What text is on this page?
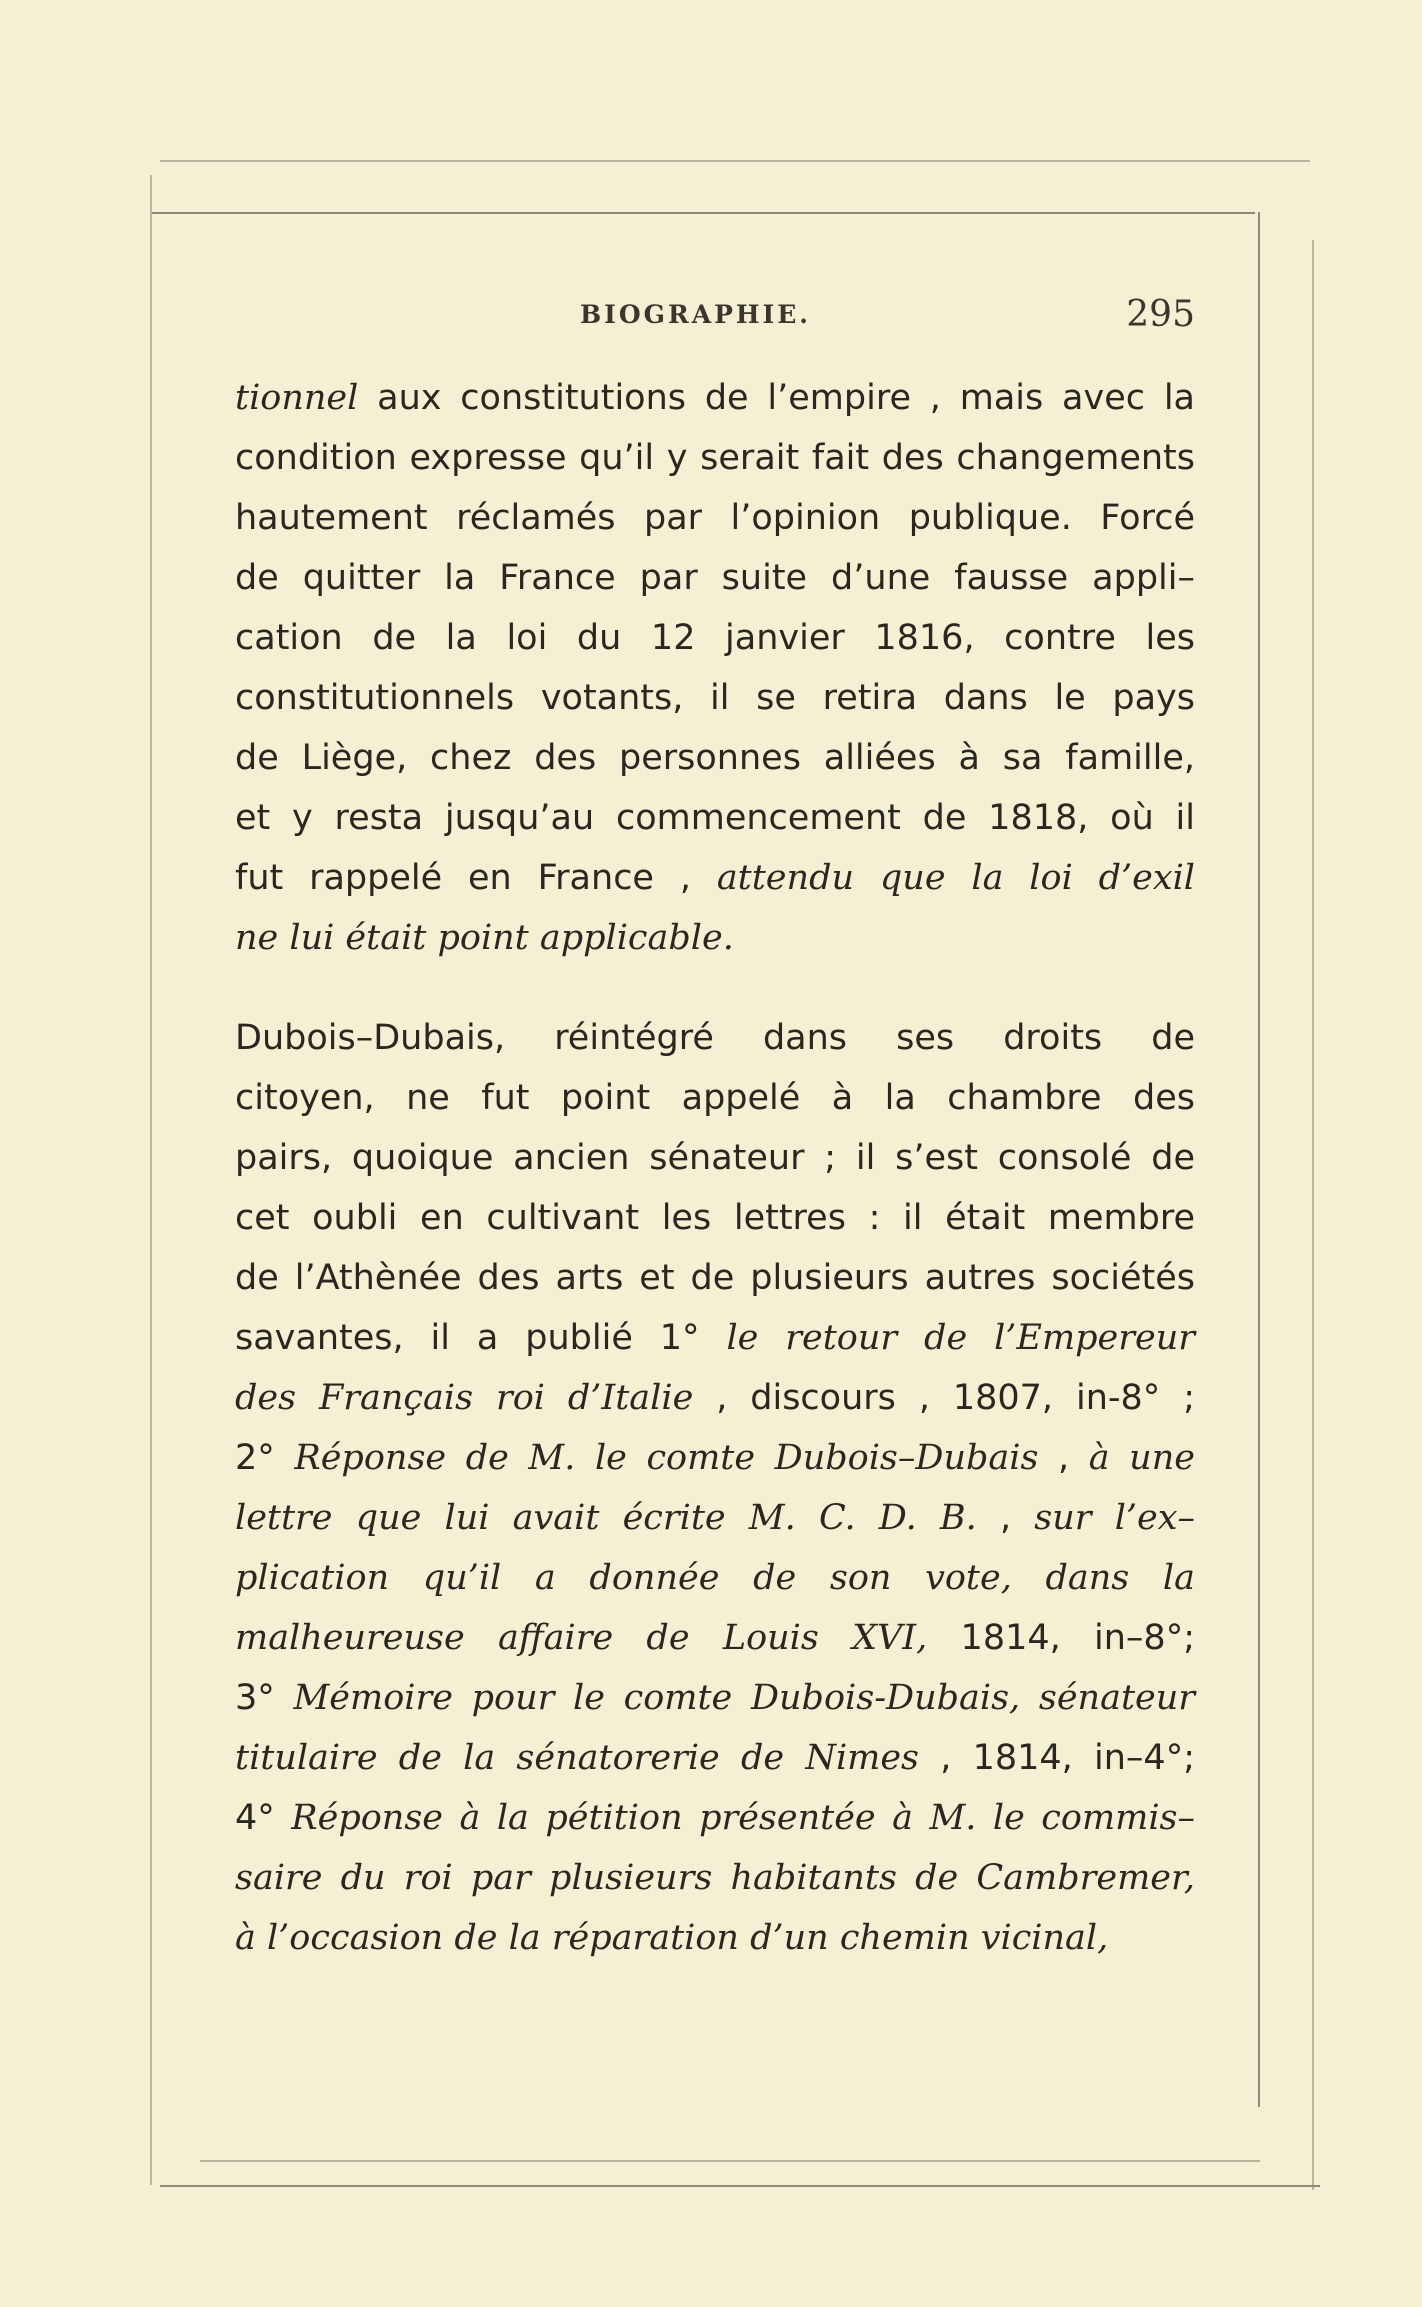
BIOGRAPHIE.	295
tionnel aux constitutions de l’empire , mais avec la
condition expresse qu’il y serait fait des changements
hautement réclamés par l’opinion publique. Forcé
de quitter la France par suite d’une fausse appli–
cation de la loi du 12 janvier 1816, contre les
constitutionnels votants, il se retira dans le pays
de Liège, chez des personnes alliées à sa famille,
et y resta jusqu’au commencement de 1818, où il
fut rappelé en France , attendu que la loi d’exil
ne lui était point applicable.
Dubois–Dubais, réintégré dans ses droits de
citoyen, ne fut point appelé à la chambre des
pairs, quoique ancien sénateur ; il s’est consolé de
cet oubli en cultivant les lettres : il était membre
de l’Athènée des arts et de plusieurs autres sociétés
savantes, il a publié 1° le retour de l’Empereur
des Français roi d’Italie , discours , 1807, in-8° ;
2° Réponse de M. le comte Dubois–Dubais , à une
lettre que lui avait écrite M. C. D. B. , sur l’ex–
plication qu’il a donnée de son vote, dans la
malheureuse affaire de Louis XVI, 1814, in–8°;
3° Mémoire pour le comte Dubois-Dubais, sénateur
titulaire de la sénatorerie de Nimes , 1814, in–4°;
4° Réponse à la pétition présentée à M. le commis–
saire du roi par plusieurs habitants de Cambremer,
à l’occasion de la réparation d’un chemin vicinal,
